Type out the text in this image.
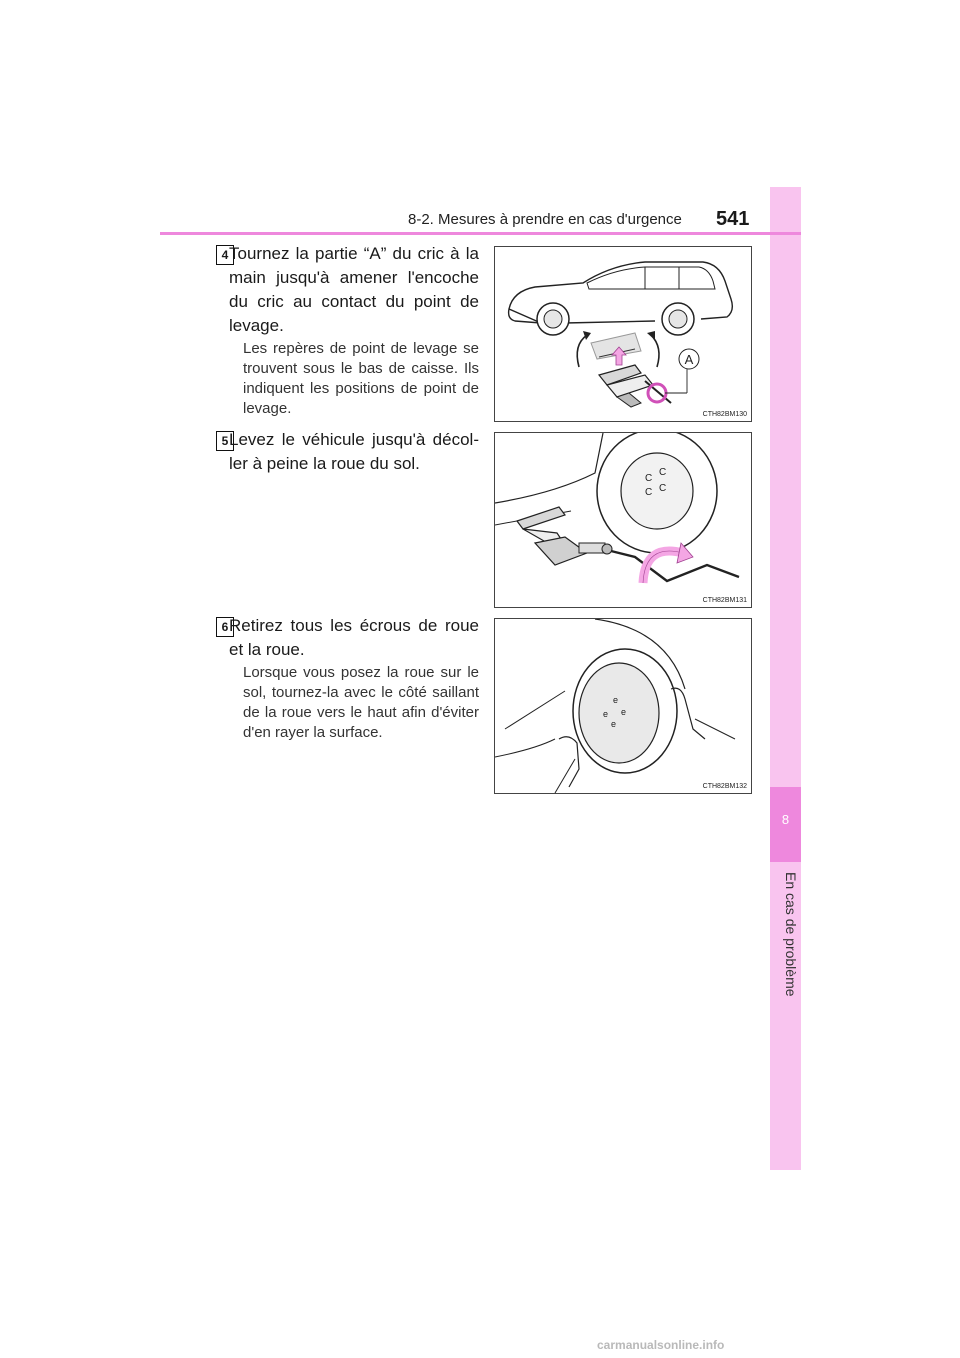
8
En cas de problème
8-2. Mesures à prendre en cas d'urgence 541
4 Tournez la partie “A” du cric à la main jusqu'à amener l'encoche du cric au contact du point de levage.
Les repères de point de levage se trouvent sous le bas de caisse. Ils indiquent les positions de point de levage.
A
CTH82BM130
5 Levez le véhicule jusqu'à décol-ler à peine la roue du sol.
C
C
C C
CTH82BM131
6 Retirez tous les écrous de roue et la roue.
Lorsque vous posez la roue sur le sol, tournez-la avec le côté saillant de la roue vers le haut afin d'éviter d'en rayer la surface.
e
e
e
e
CTH82BM132
carmanualsonline.info
